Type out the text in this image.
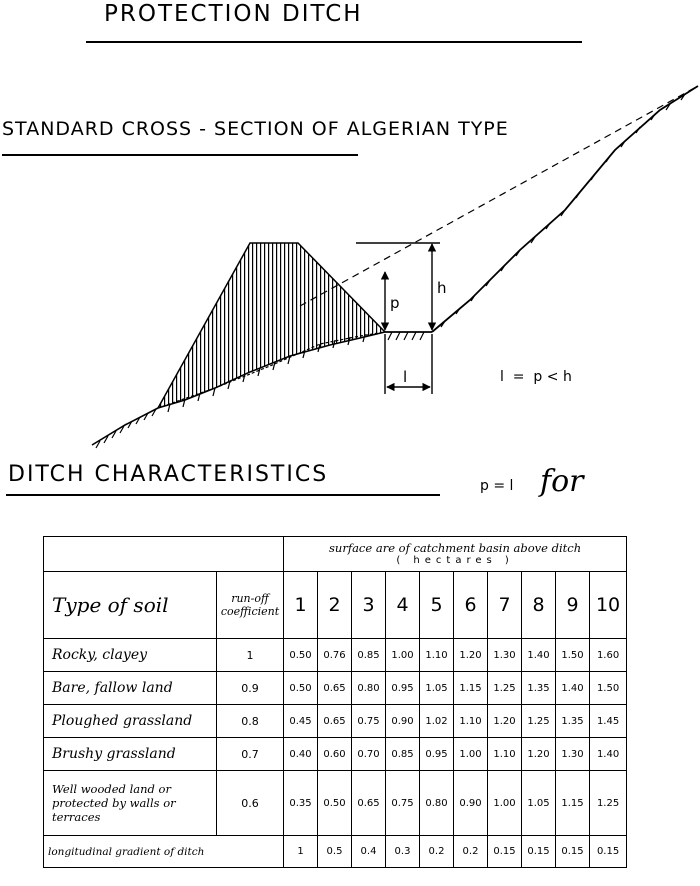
PROTECTION DITCH
STANDARD CROSS - SECTION OF ALGERIAN TYPE
p
h
l	l  =  p < h
DITCH CHARACTERISTICS	p = l for

		surface are of catchment basin above ditch
( hectares )									

Type of soil	run-off coefficient	1	2	3	4	5	6	7	8	9	10
Rocky, clayey	1	0.50	0.76	0.85	1.00	1.10	1.20	1.30	1.40	1.50	1.60
Bare, fallow land	0.9	0.50	0.65	0.80	0.95	1.05	1.15	1.25	1.35	1.40	1.50
Ploughed grassland	0.8	0.45	0.65	0.75	0.90	1.02	1.10	1.20	1.25	1.35	1.45
Brushy grassland	0.7	0.40	0.60	0.70	0.85	0.95	1.00	1.10	1.20	1.30	1.40
Well wooded land or protected by walls or terraces	0.6	0.35	0.50	0.65	0.75	0.80	0.90	1.00	1.05	1.15	1.25
longitudinal gradient of ditch		1	0.5	0.4	0.3	0.2	0.2	0.15	0.15	0.15	0.15
